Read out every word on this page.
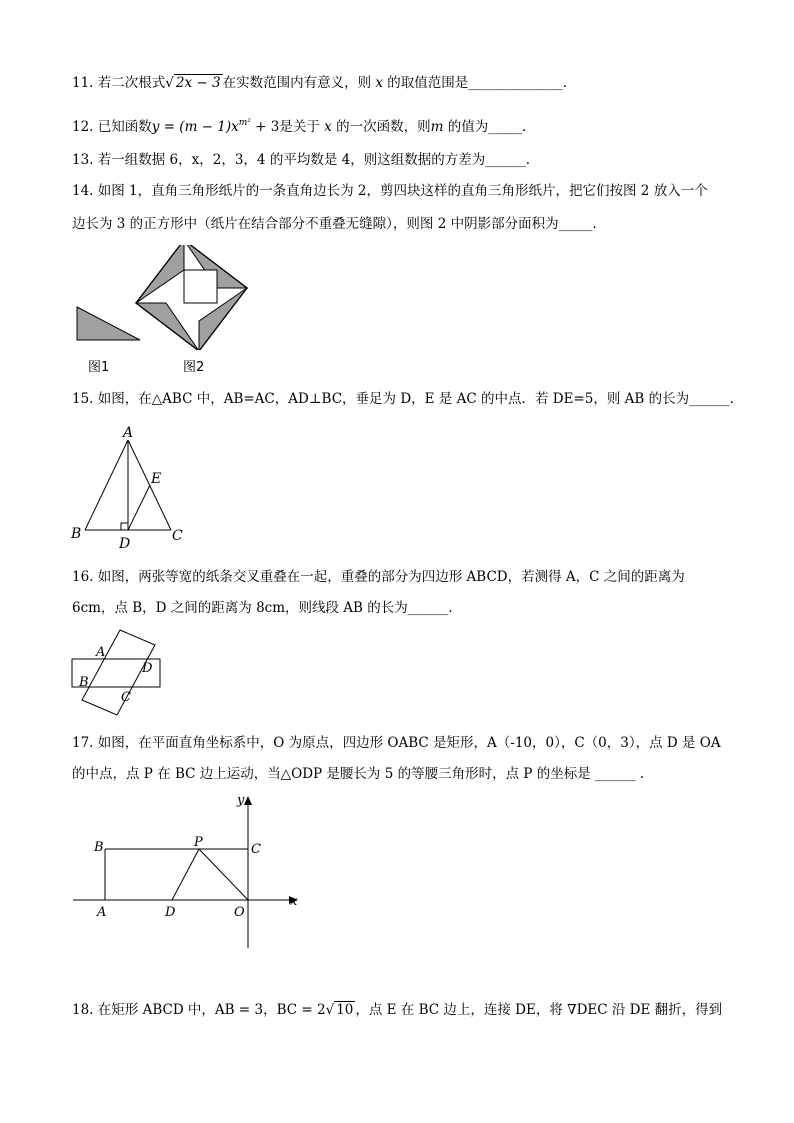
11. 若二次根式√ 2x − 3 在实数范围内有意义，则 x 的取值范围是______________.
12. 已知函数$y = (m - 1)x^{m^2} + 3$是关于 x 的一次函数，则m 的值为_____.
13. 若一组数据 6，x，2，3，4 的平均数是 4，则这组数据的方差为______.
14. 如图 1，直角三角形纸片的一条直角边长为 2，剪四块这样的直角三角形纸片，把它们按图 2 放入一个
边长为 3 的正方形中（纸片在结合部分不重叠无缝隙），则图 2 中阴影部分面积为_____.
图1	图2
15. 如图，在△ABC 中，AB=AC，AD⊥BC，垂足为 D，E 是 AC 的中点．若 DE=5，则 AB 的长为______.
A
B	C
D
E
16. 如图，两张等宽的纸条交叉重叠在一起，重叠的部分为四边形 ABCD，若测得 A，C 之间的距离为
6cm，点 B，D 之间的距离为 8cm，则线段 AB 的长为______.
A
D
B
C
17. 如图，在平面直角坐标系中，O 为原点，四边形 OABC 是矩形，A（-10，0），C（0，3），点 D 是 OA
的中点，点 P 在 BC 边上运动，当△ODP 是腰长为 5 的等腰三角形时，点 P 的坐标是 ______ .
B	P	C
A	D	O
x
y
18. 在矩形 ABCD 中，AB = 3，BC = 2√ 10 ，点 E 在 BC 边上，连接 DE，将 ∇DEC 沿 DE 翻折，得到
